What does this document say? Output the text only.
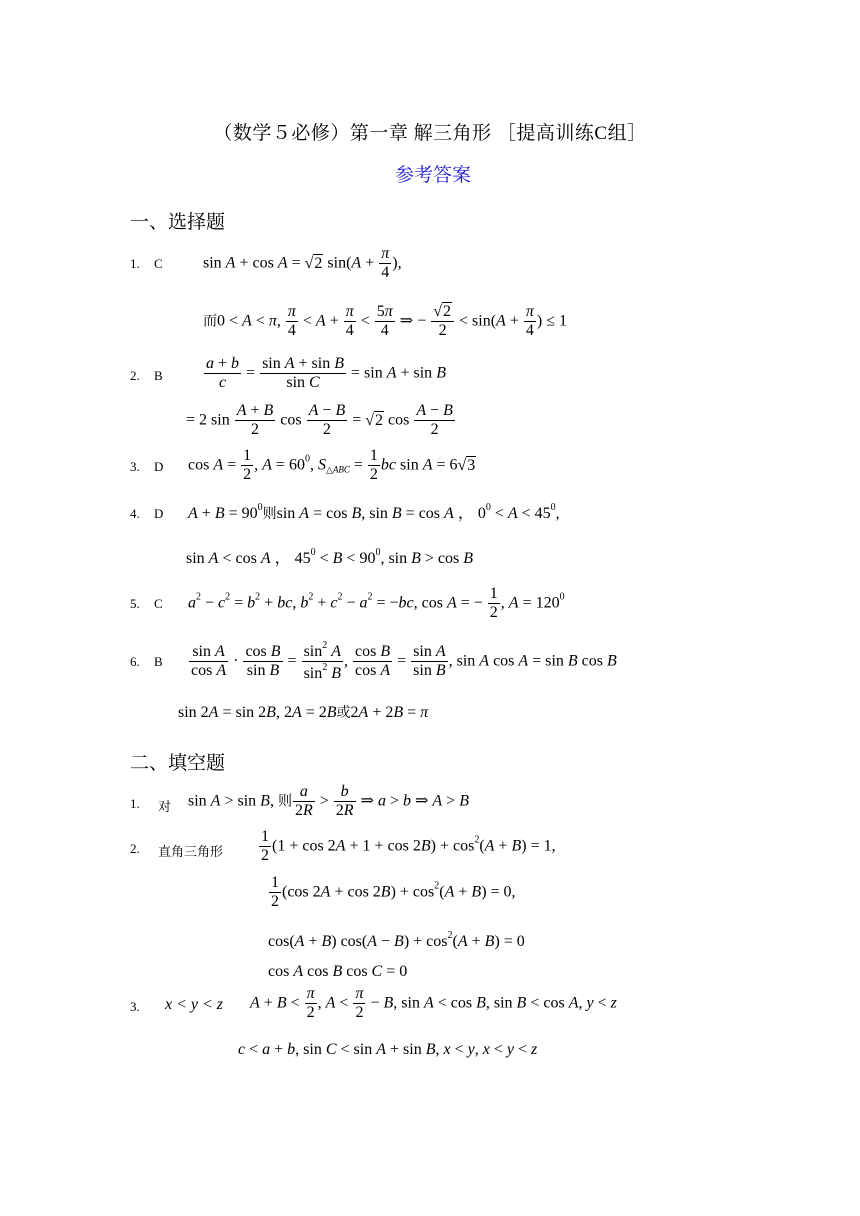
（数学５必修）第一章 解三角形 ［提高训练C组］
参考答案
一、选择题
1. C	sin A + cos A = √2 $\sin(A + \frac{\pi}{4}$ ),
而0 < A < π, $\frac{\pi}{4} < A + \frac{\pi}{4} < \frac{5\pi}{4}$ ⇒ − $\frac{√2}{2} < \sin(A + \frac{\pi}{4}$ ) ≤ 1
2. B	$\frac{a + b}{c} = \frac{\text{sin A + sin B}}{\text{sin C}} = \sin A + \sin B$
= 2 $\sin \frac{A + B}{2}$ $\cos \frac{A - B}{2} = √2$ $\cos \frac{A - B}{2}$
3. D $\cos A = \frac{1}{2}$ , $A = 60^0$, $S_{\triangle ABC} = \frac{1}{2}$ bc sin A = 6√3
4. D $A + B = 90^0$则sin A = cos B, sin B = cos A ， $0^0 < A < 45^0$,
sin A < cos A ， $45^0 < B < 90^0$, sin B > cos B
5. C $a^2 - c^2 = b^2$ + bc, $b^2 + c^2 - a^2 = -bc$, cos A = − $\frac{1}{2}$ , $A = 120^0$
6. B $\frac{\text{sin A}}{\text{cos A}} \cdot \frac{\text{cos B}}{\text{sin B}} = \frac{\sin^2 A}{\sin^2 B}$ , $\frac{\text{cos B}}{\text{cos A}} = \frac{\text{sin A}}{\text{sin B}}$ , sin A cos A = sin B cos B
sin 2A = sin 2B, 2A = 2B或2A + 2B = π
二、填空题
1. 对 sin A > sin B, 则 $\frac{a}{2R} > \frac{b}{2R}$ ⇒ a > b ⇒ A > B
2. 直角三角形 $\frac{1}{2} (1 + \cos 2A + 1 + \cos 2B) + \cos^2(A + B) = 1$,
$\frac{1}{2} (\cos$ $2A + \cos 2B) + \cos^2(A + B) = 0$,
cos(A + B) $\cos(A - B) + \cos^2(A + B) = 0$
cos A cos B cos C = 0
3. x < y < z $A + B < \frac{\pi}{2}$ , $A < \frac{\pi}{2} - B$, sin A < cos B, sin B < cos A, y < z
c < a + b, sin C < sin A + sin B, x < y, x < y < z
